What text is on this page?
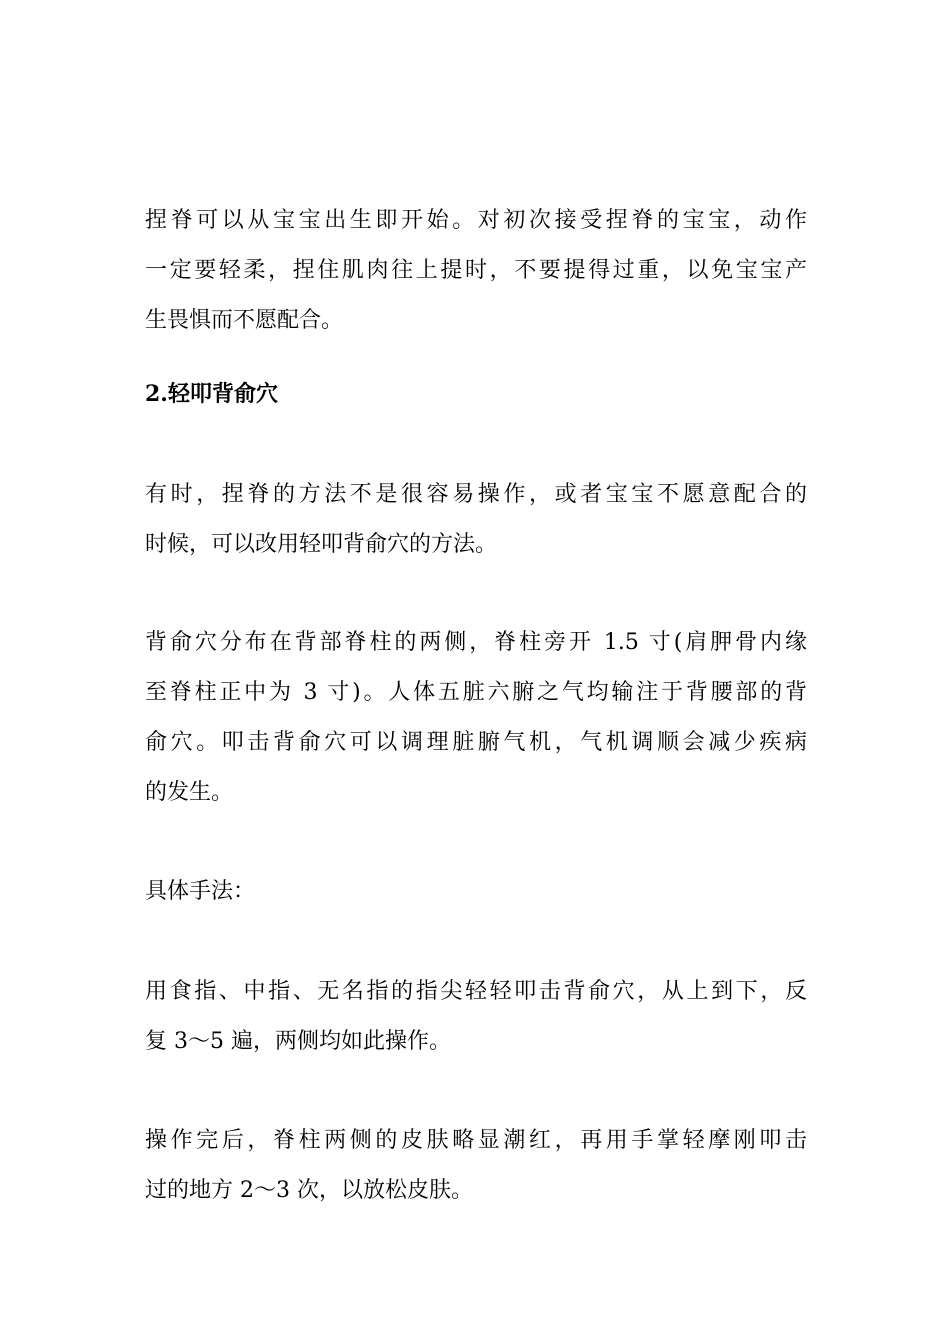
捏脊可以从宝宝出生即开始。对初次接受捏脊的宝宝，动作
一定要轻柔，捏住肌肉往上提时，不要提得过重，以免宝宝产
生畏惧而不愿配合。
2.轻叩背俞穴
有时，捏脊的方法不是很容易操作，或者宝宝不愿意配合的
时候，可以改用轻叩背俞穴的方法。
背俞穴分布在背部脊柱的两侧，脊柱旁开 1.5 寸(肩胛骨内缘
至脊柱正中为 3 寸)。人体五脏六腑之气均输注于背腰部的背
俞穴。叩击背俞穴可以调理脏腑气机，气机调顺会减少疾病
的发生。
具体手法：
用食指、中指、无名指的指尖轻轻叩击背俞穴，从上到下，反
复 3～5 遍，两侧均如此操作。
操作完后，脊柱两侧的皮肤略显潮红，再用手掌轻摩刚叩击
过的地方 2～3 次，以放松皮肤。
